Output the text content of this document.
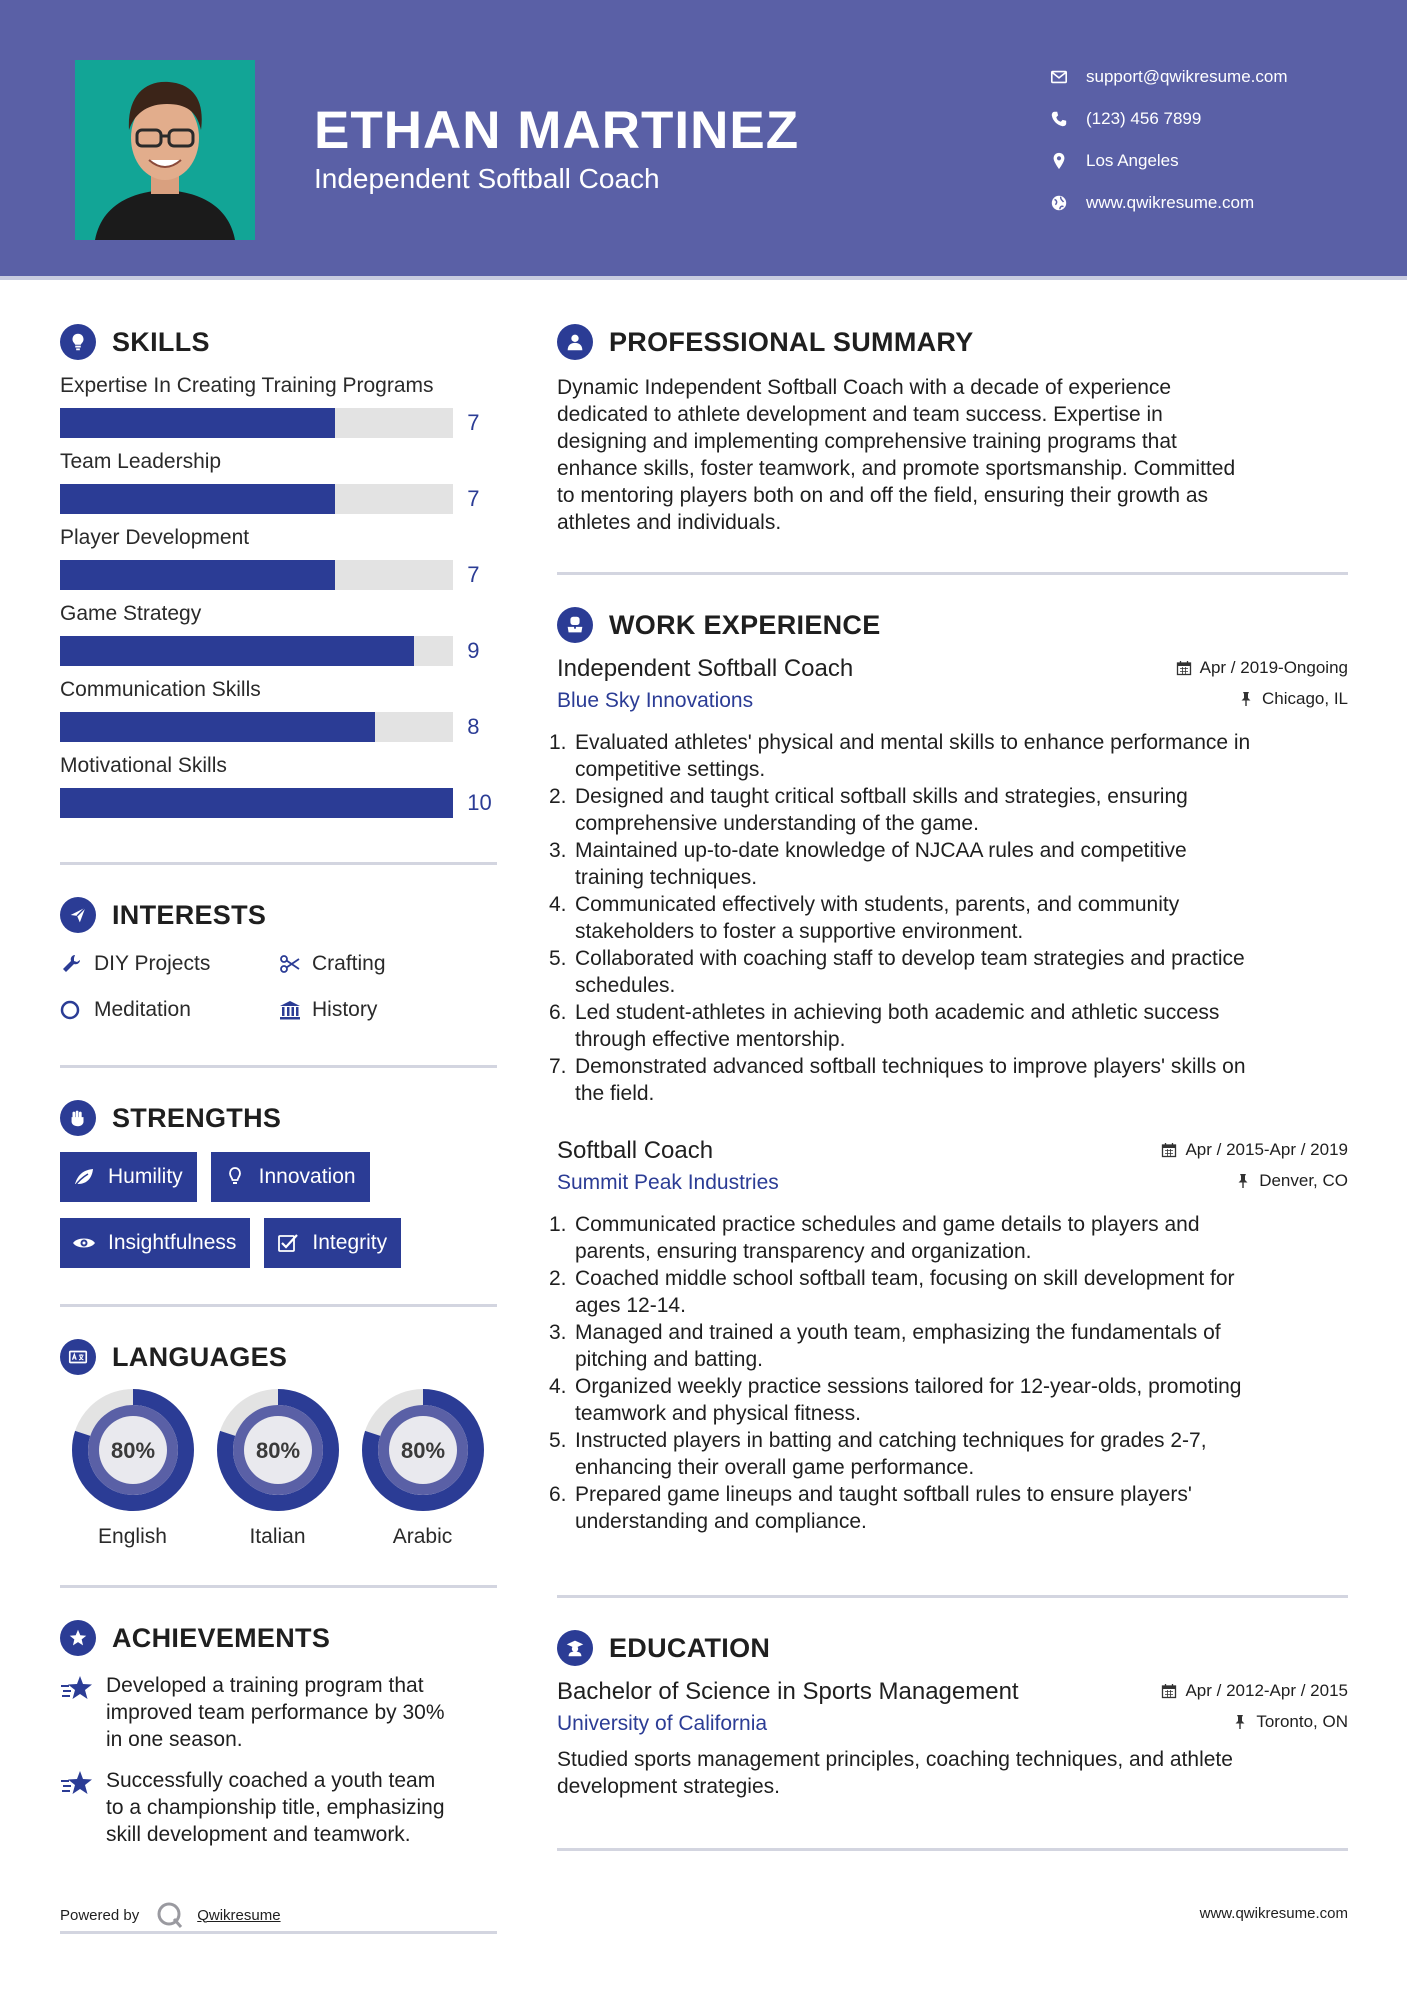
ETHAN MARTINEZ
Independent Softball Coach
support@qwikresume.com
(123) 456 7899
Los Angeles
www.qwikresume.com
SKILLS
Expertise In Creating Training Programs
7
Team Leadership
7
Player Development
7
Game Strategy
9
Communication Skills
8
Motivational Skills
10
INTERESTS
DIY Projects	Crafting
Meditation	History
STRENGTHS
Humility	Innovation
Insightfulness	Integrity
LANGUAGES
80%
English
80%
Italian
80%
Arabic
ACHIEVEMENTS
Developed a training program that
improved team performance by 30%
in one season.
Successfully coached a youth team
to a championship title, emphasizing
skill development and teamwork.
PROFESSIONAL SUMMARY
Dynamic Independent Softball Coach with a decade of experience
dedicated to athlete development and team success. Expertise in
designing and implementing comprehensive training programs that
enhance skills, foster teamwork, and promote sportsmanship. Committed
to mentoring players both on and off the field, ensuring their growth as
athletes and individuals.
WORK EXPERIENCE
Independent Softball Coach	Apr / 2019-Ongoing
Blue Sky Innovations	Chicago, IL
1. Evaluated athletes' physical and mental skills to enhance performance in
competitive settings.
2. Designed and taught critical softball skills and strategies, ensuring
comprehensive understanding of the game.
3. Maintained up-to-date knowledge of NJCAA rules and competitive
training techniques.
4. Communicated effectively with students, parents, and community
stakeholders to foster a supportive environment.
5. Collaborated with coaching staff to develop team strategies and practice
schedules.
6. Led student-athletes in achieving both academic and athletic success
through effective mentorship.
7. Demonstrated advanced softball techniques to improve players' skills on
the field.
Softball Coach	Apr / 2015-Apr / 2019
Summit Peak Industries	Denver, CO
1. Communicated practice schedules and game details to players and
parents, ensuring transparency and organization.
2. Coached middle school softball team, focusing on skill development for
ages 12-14.
3. Managed and trained a youth team, emphasizing the fundamentals of
pitching and batting.
4. Organized weekly practice sessions tailored for 12-year-olds, promoting
teamwork and physical fitness.
5. Instructed players in batting and catching techniques for grades 2-7,
enhancing their overall game performance.
6. Prepared game lineups and taught softball rules to ensure players'
understanding and compliance.
EDUCATION
Bachelor of Science in Sports Management	Apr / 2012-Apr / 2015
University of California	Toronto, ON
Studied sports management principles, coaching techniques, and athlete
development strategies.
Powered by	Qwikresume	www.qwikresume.com
